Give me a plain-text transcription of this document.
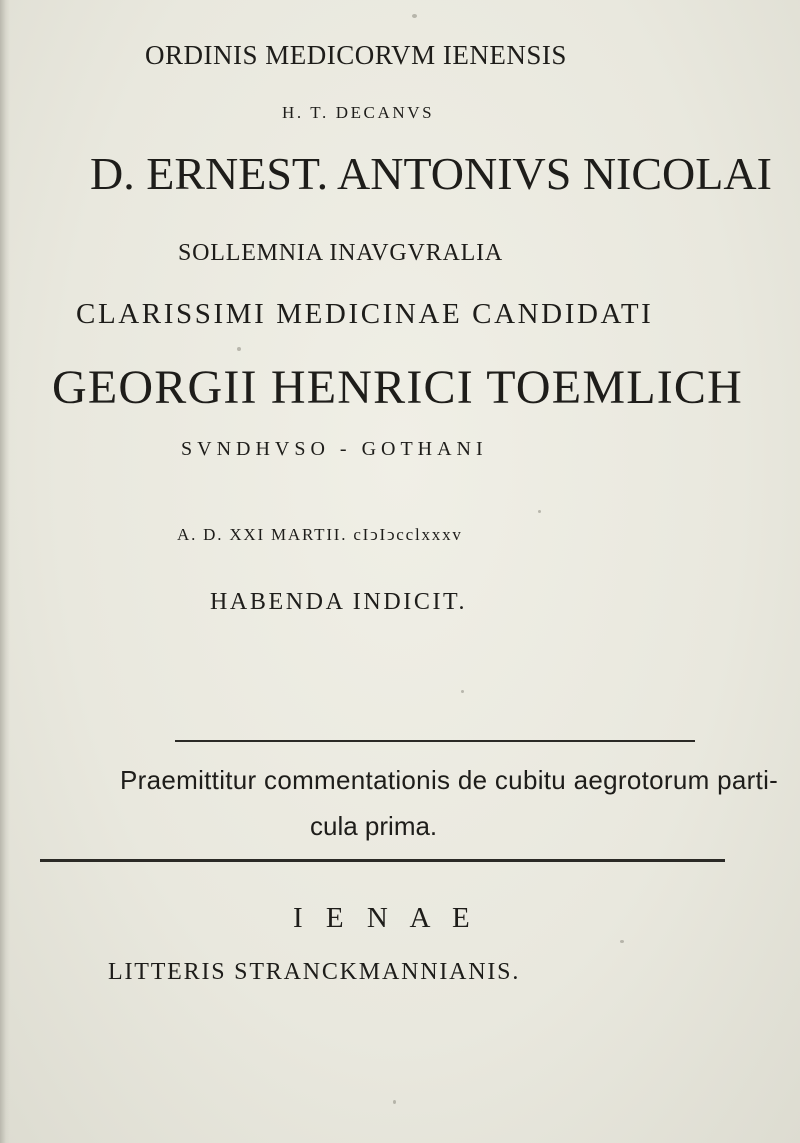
ORDINIS MEDICORVM IENENSIS
H. T. DECANVS
D. ERNEST. ANTONIVS NICOLAI
SOLLEMNIA INAVGVRALIA
CLARISSIMI MEDICINAE CANDIDATI
GEORGII HENRICI TOEMLICH
SVNDHVSO - GOTHANI
A. D. XXI MARTII. cIↄIↄcclxxxv
HABENDA INDICIT.
Praemittitur commentationis de cubitu aegrotorum parti-
cula prima.
I E N A E
LITTERIS STRANCKMANNIANIS.
